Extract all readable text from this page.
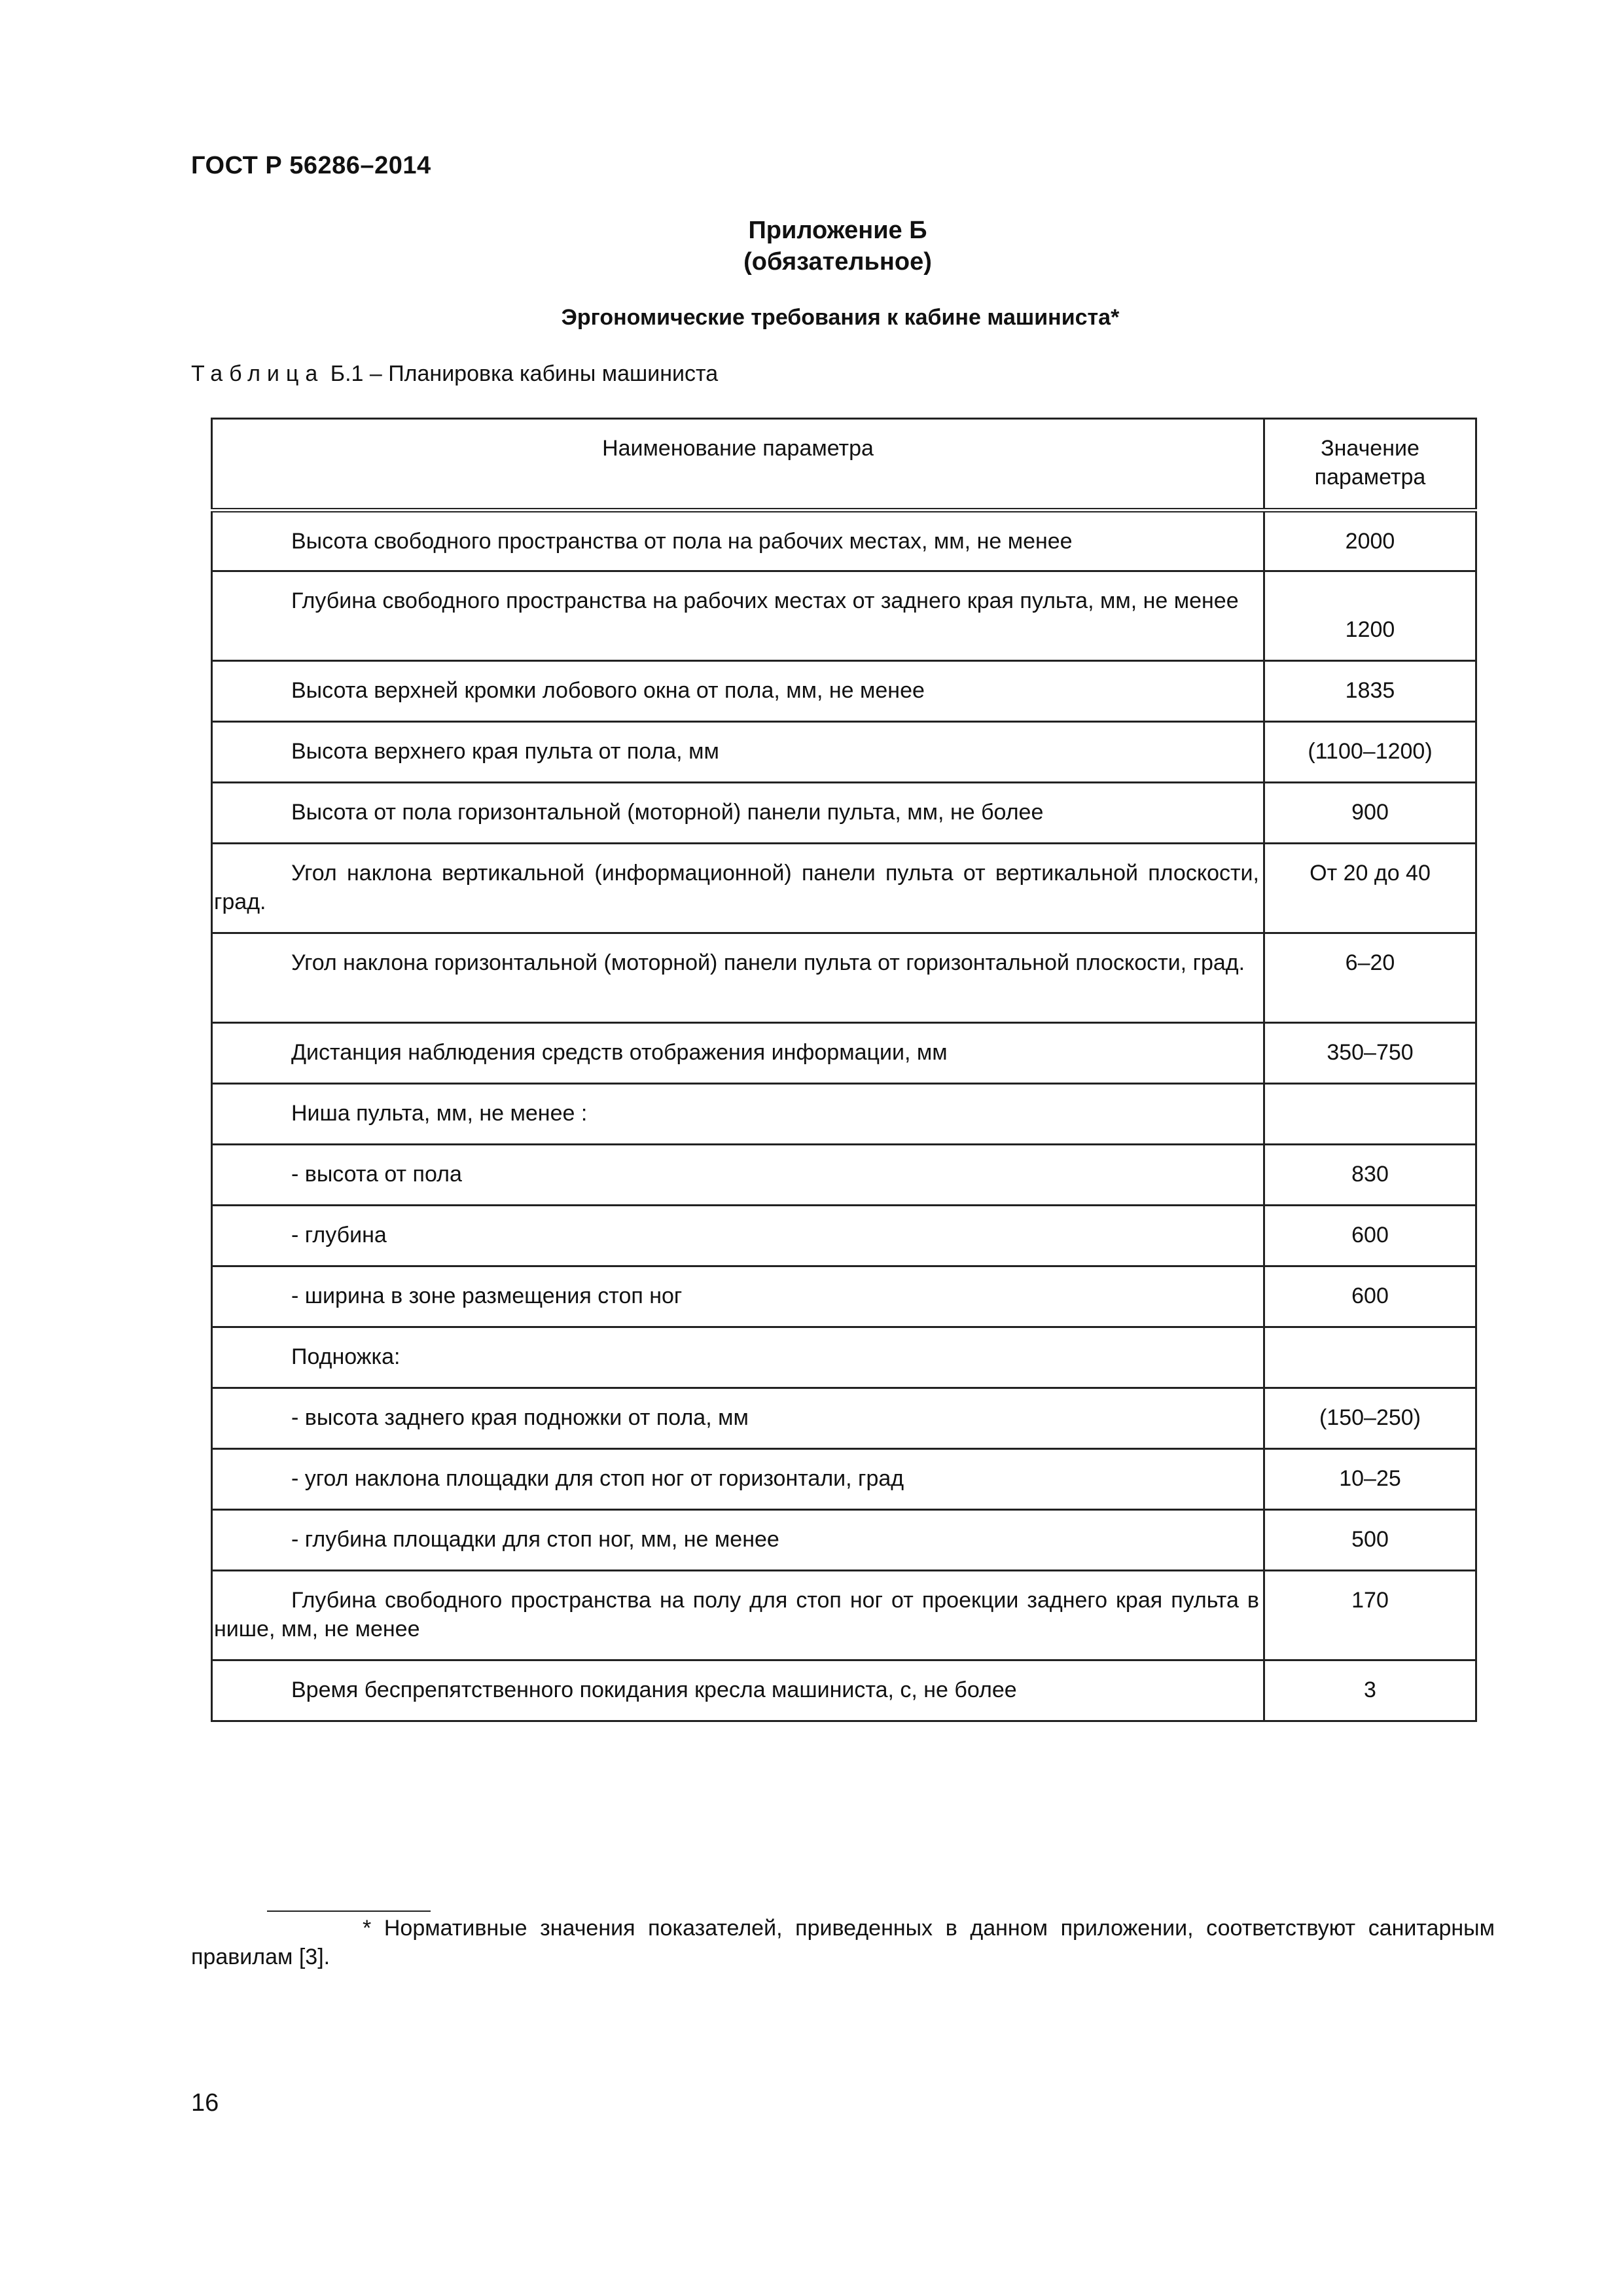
ГОСТ Р 56286–2014
Приложение Б
(обязательное)
Эргономические требования к кабине машиниста*
Таблица Б.1 – Планировка кабины машиниста
Наименование параметра	Значение параметра
Высота свободного пространства от пола на рабочих местах, мм, не менее	2000
Глубина свободного пространства на рабочих местах от заднего края пульта, мм, не менее	1200
Высота верхней кромки лобового окна от пола, мм, не менее	1835
Высота верхнего края пульта от пола, мм	(1100–1200)
Высота от пола горизонтальной (моторной) панели пульта, мм, не более	900
Угол наклона вертикальной (информационной) панели пульта от вертикальной плоскости, град.	От 20 до 40
Угол наклона горизонтальной (моторной) панели пульта от горизонтальной плоскости, град.	6–20
Дистанция наблюдения средств отображения информации, мм	350–750
Ниша пульта, мм, не менее :	
- высота от пола	830
- глубина	600
- ширина в зоне размещения стоп ног	600
Подножка:	
- высота заднего края подножки от пола, мм	(150–250)
- угол наклона площадки для стоп ног от горизонтали, град	10–25
- глубина площадки для стоп ног, мм, не менее	500
Глубина свободного пространства на полу для стоп ног от проекции заднего края пульта в нише, мм, не менее	170
Время беспрепятственного покидания кресла машиниста, с, не более	3
* Нормативные значения показателей, приведенных в данном приложении, соответствуют санитарным правилам [3].
16
